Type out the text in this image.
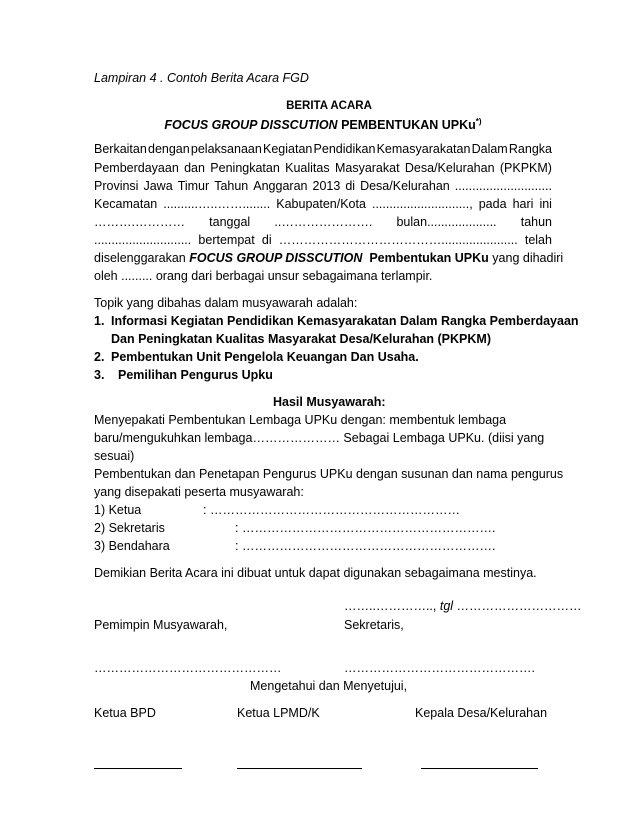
Lampiran 4 . Contoh Berita Acara FGD
BERITA ACARA
FOCUS GROUP DISSCUTION PEMBENTUKAN UPKu*)
Berkaitan dengan pelaksanaan Kegiatan Pendidikan Kemasyarakatan Dalam Rangka
Pemberdayaan dan Peningkatan Kualitas Masyarakat Desa/Kelurahan (PKPKM)
Provinsi Jawa Timur Tahun Anggaran 2013 di Desa/Kelurahan ............................
Kecamatan ..........…..……........ Kabupaten/Kota ............................, pada hari ini
……….………… tanggal ..…………………. bulan.................... tahun
............................ bertempat di …………………………………...................... telah
diselenggarakan FOCUS GROUP DISSCUTION Pembentukan UPKu yang dihadiri
oleh ......... orang dari berbagai unsur sebagaimana terlampir.
Topik yang dibahas dalam musyawarah adalah:
1. Informasi Kegiatan Pendidikan Kemasyarakatan Dalam Rangka Pemberdayaan
Dan Peningkatan Kualitas Masyarakat Desa/Kelurahan (PKPKM)
2. Pembentukan Unit Pengelola Keuangan Dan Usaha.
3. Pemilihan Pengurus Upku
Hasil Musyawarah:
Menyepakati Pembentukan Lembaga UPKu dengan: membentuk lembaga
baru/mengukuhkan lembaga………………… Sebagai Lembaga UPKu. (diisi yang
sesuai)
Pembentukan dan Penetapan Pengurus UPKu dengan susunan dan nama pengurus
yang disepakati peserta musyawarah:
1) Ketua	: ……………………………………………………
2) Sekretaris	: …………………………………………………….
3) Bendahara	: …………………………………………………….
Demikian Berita Acara ini dibuat untuk dapat digunakan sebagaimana mestinya.
……..………….., tgl …………………………
Pemimpin Musyawarah,	Sekretaris,
………………………………………	……………………………………….
Mengetahui dan Menyetujui,
Ketua BPD	Ketua LPMD/K	Kepala Desa/Kelurahan
